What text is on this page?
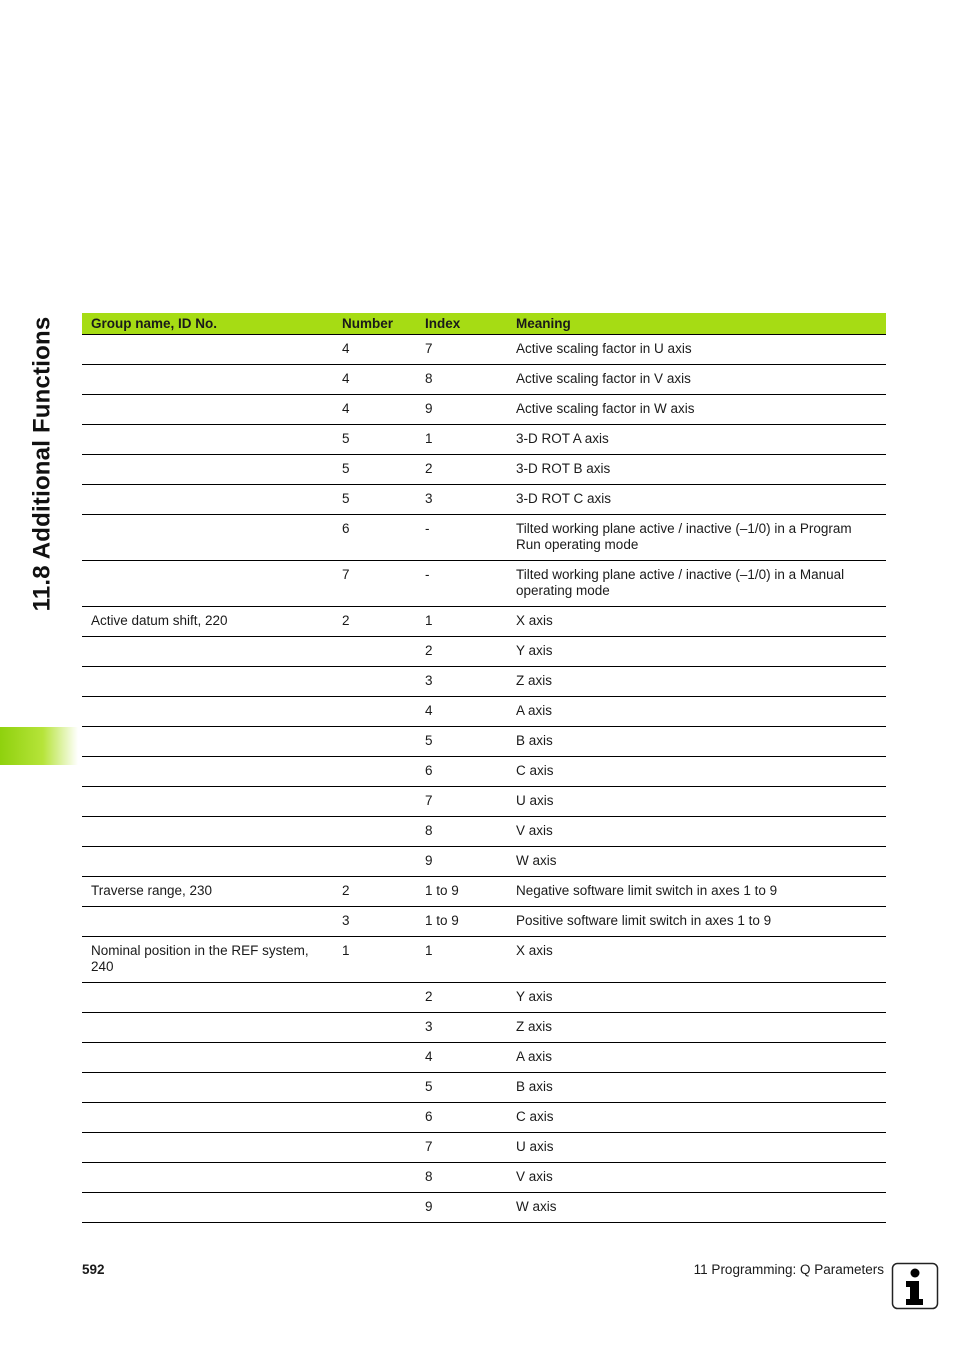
11.8 Additional Functions	Group name, ID No.	Number	Index	Meaning
	4	7	Active scaling factor in U axis
	4	8	Active scaling factor in V axis
	4	9	Active scaling factor in W axis
	5	1	3-D ROT A axis
	5	2	3-D ROT B axis
	5	3	3-D ROT C axis
	6	-	Tilted working plane active / inactive (–1/0) in a Program Run operating mode
	7	-	Tilted working plane active / inactive (–1/0) in a Manual operating mode
Active datum shift, 220	2	1	X axis
		2	Y axis
		3	Z axis
		4	A axis
		5	B axis
		6	C axis
		7	U axis
		8	V axis
		9	W axis
Traverse range, 230	2	1 to 9	Negative software limit switch in axes 1 to 9
	3	1 to 9	Positive software limit switch in axes 1 to 9
Nominal position in the REF system, 240	1	1	X axis
		2	Y axis
		3	Z axis
		4	A axis
		5	B axis
		6	C axis
		7	U axis
		8	V axis
		9	W axis
592	11 Programming: Q Parameters
